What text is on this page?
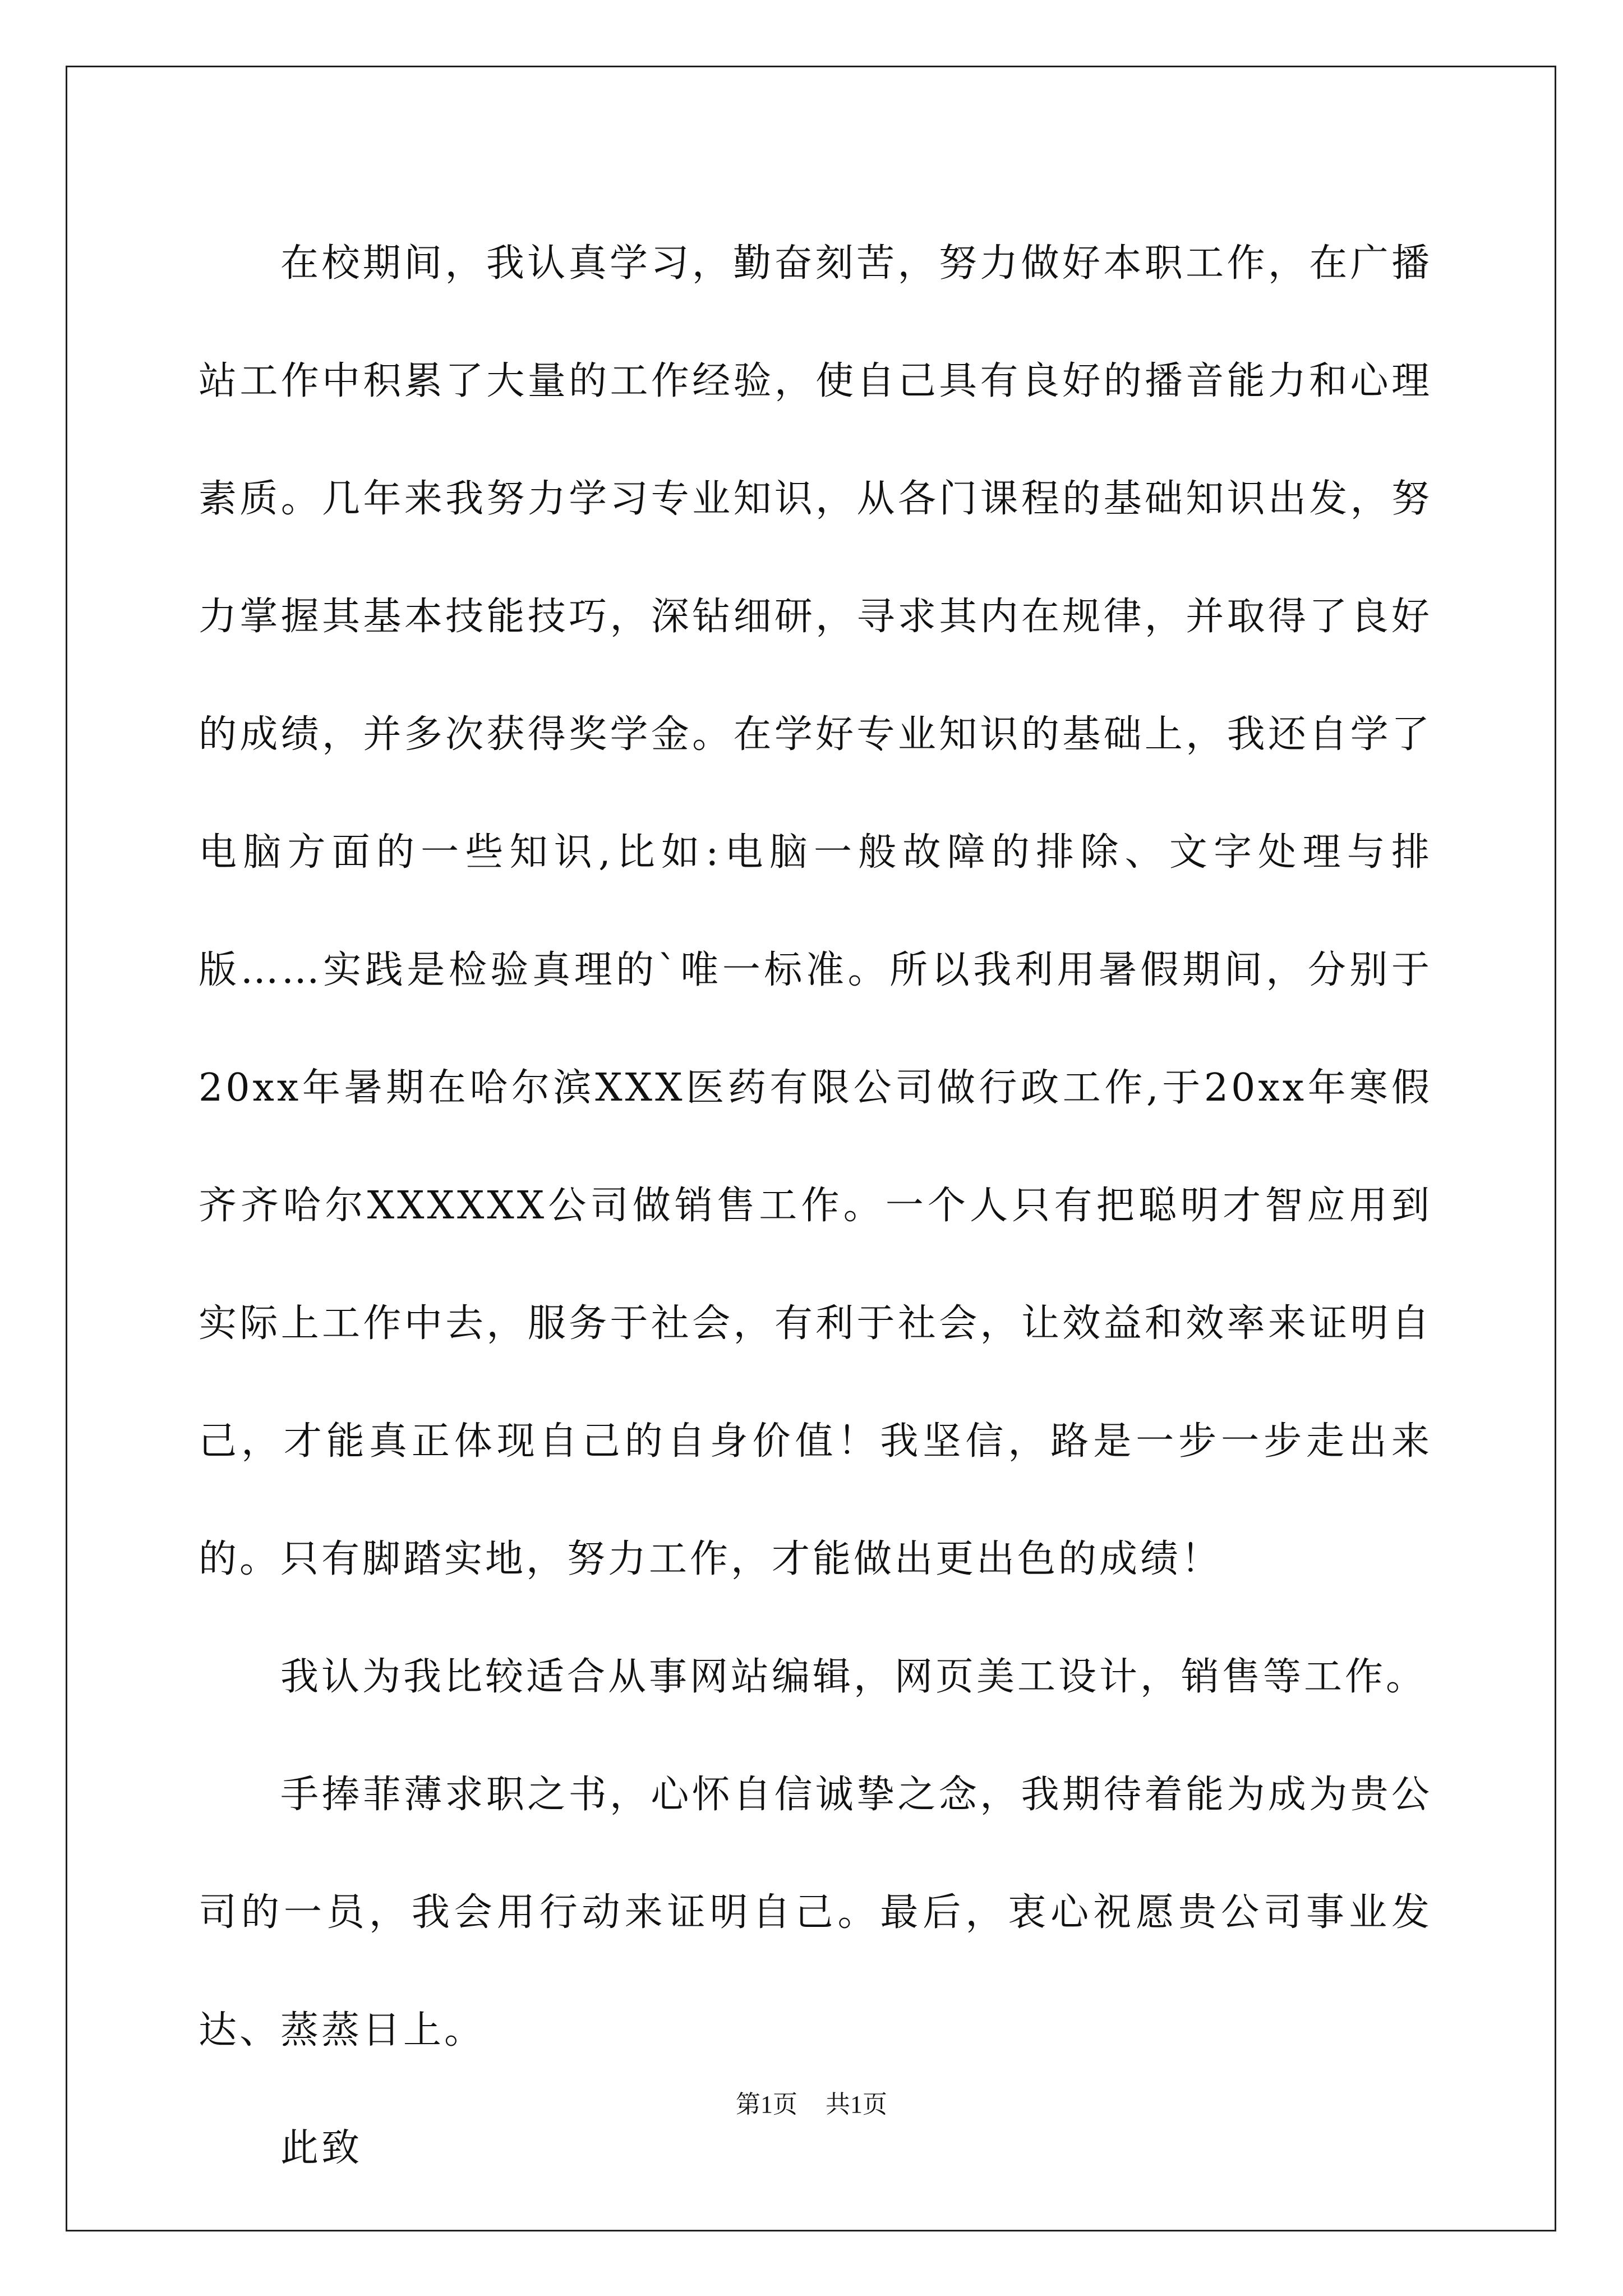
在校期间，我认真学习，勤奋刻苦，努力做好本职工作，在广播站工作中积累了大量的工作经验，使自己具有良好的播音能力和心理素质。几年来我努力学习专业知识，从各门课程的基础知识出发，努力掌握其基本技能技巧，深钻细研，寻求其内在规律，并取得了良好的成绩，并多次获得奖学金。在学好专业知识的基础上，我还自学了电脑方面的一些知识,比如:电脑一般故障的排除、文字处理与排版……实践是检验真理的`唯一标准。所以我利用暑假期间，分别于20xx年暑期在哈尔滨XXX医药有限公司做行政工作,于20xx年寒假齐齐哈尔XXXXXX公司做销售工作。一个人只有把聪明才智应用到实际上工作中去，服务于社会，有利于社会，让效益和效率来证明自己，才能真正体现自己的自身价值！我坚信，路是一步一步走出来的。只有脚踏实地，努力工作，才能做出更出色的成绩！

我认为我比较适合从事网站编辑，网页美工设计，销售等工作。

手捧菲薄求职之书，心怀自信诚挚之念，我期待着能为成为贵公司的一员，我会用行动来证明自己。最后，衷心祝愿贵公司事业发达、蒸蒸日上。

此致

第1页 共1页
